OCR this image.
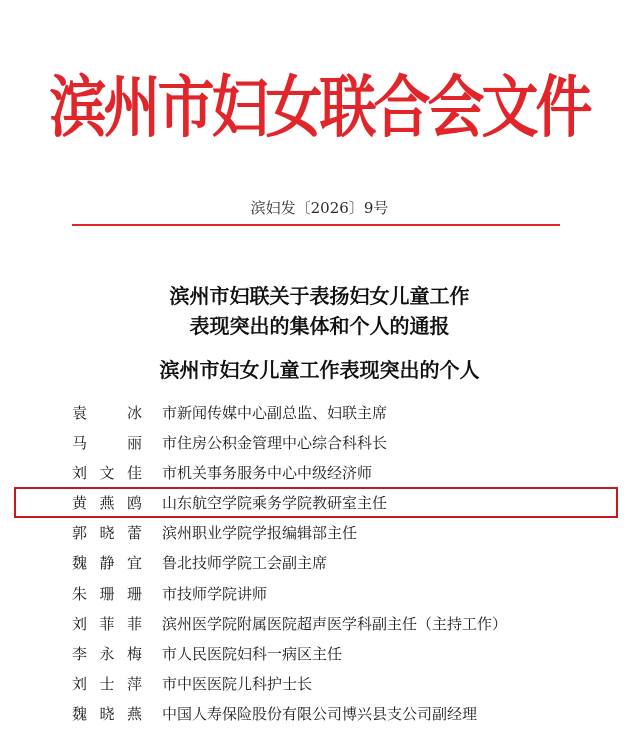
滨州市妇女联合会文件
滨妇发〔2026〕9号
滨州市妇联关于表扬妇女儿童工作
表现突出的集体和个人的通报
滨州市妇女儿童工作表现突出的个人
袁冰 市新闻传媒中心副总监、妇联主席
马丽 市住房公积金管理中心综合科科长
刘文佳 市机关事务服务中心中级经济师
黄燕鸥 山东航空学院乘务学院教研室主任
郭晓蕾 滨州职业学院学报编辑部主任
魏静宜 鲁北技师学院工会副主席
朱珊珊 市技师学院讲师
刘菲菲 滨州医学院附属医院超声医学科副主任（主持工作）
李永梅 市人民医院妇科一病区主任
刘士萍 市中医医院儿科护士长
魏晓燕 中国人寿保险股份有限公司博兴县支公司副经理
